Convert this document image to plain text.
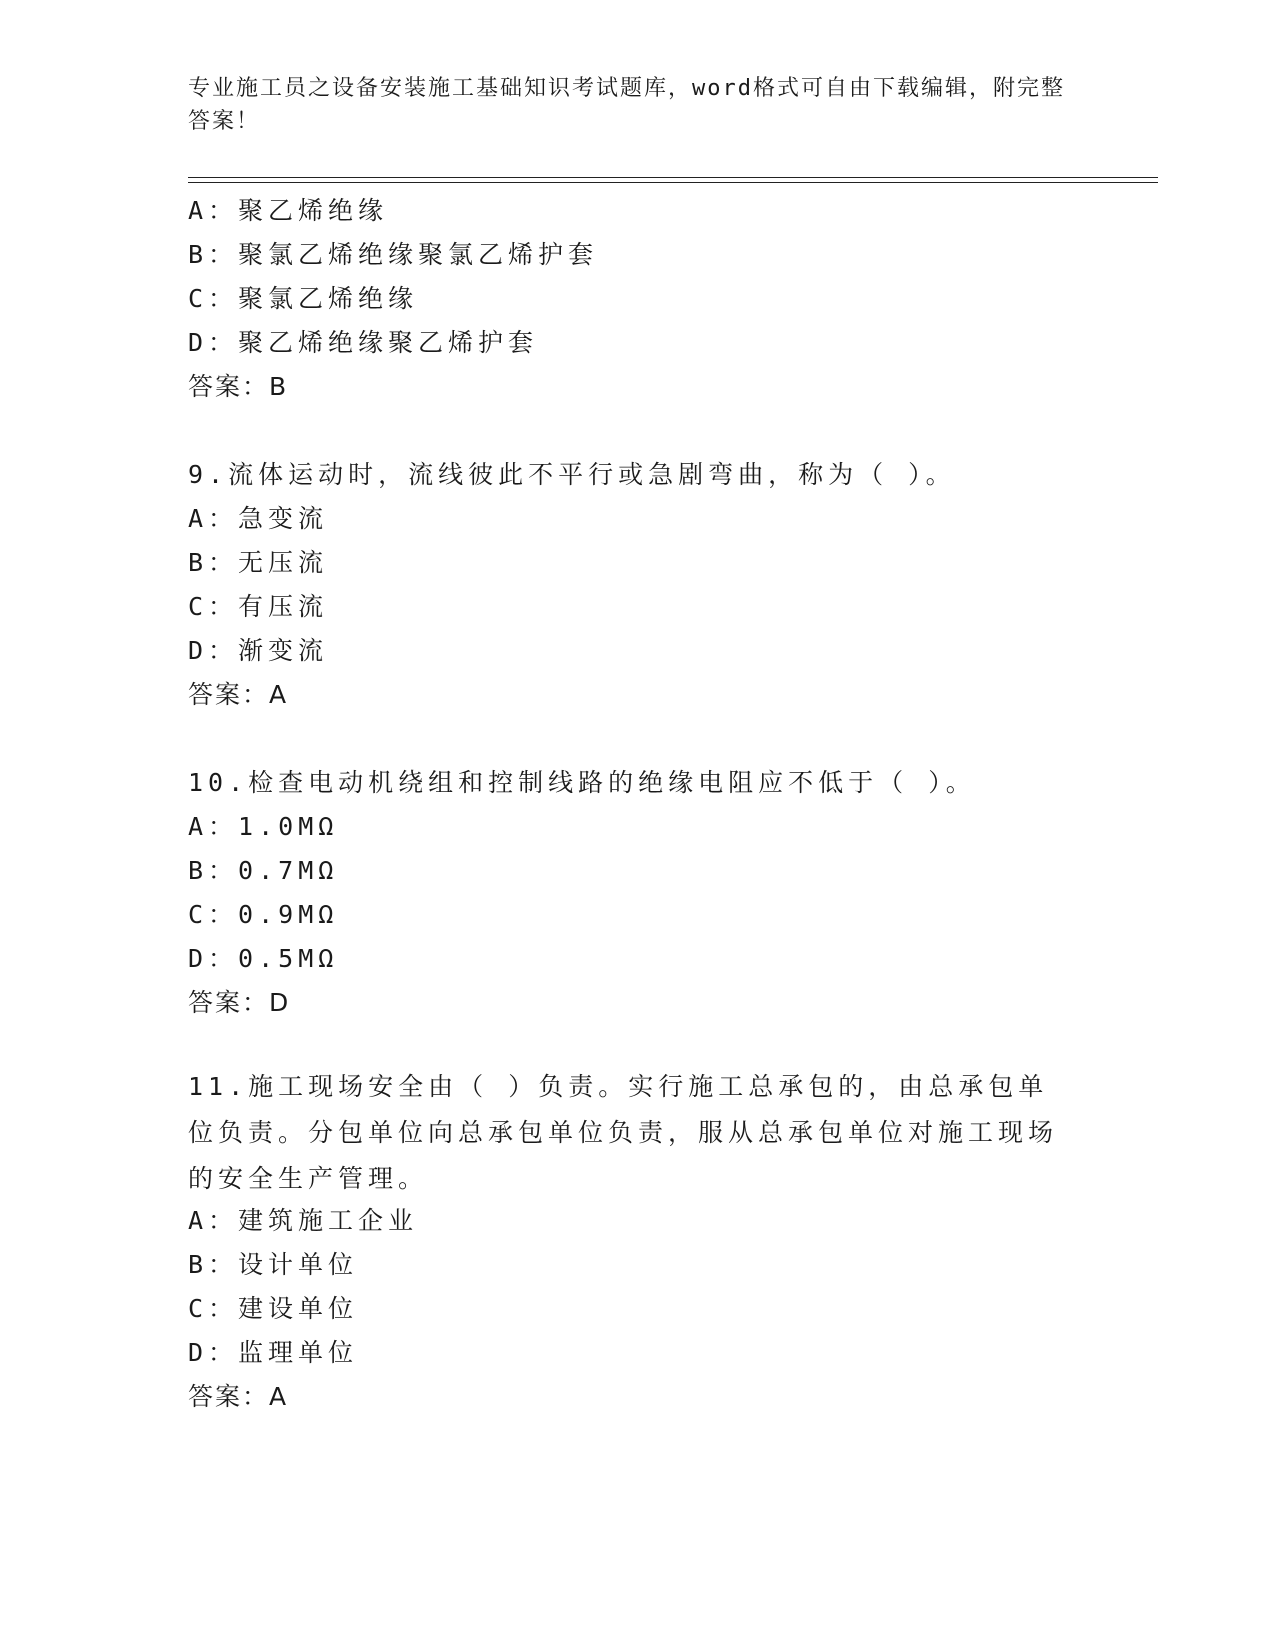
专业施工员之设备安装施工基础知识考试题库，word格式可自由下载编辑，附完整答案！
A：聚乙烯绝缘
B：聚氯乙烯绝缘聚氯乙烯护套
C：聚氯乙烯绝缘
D：聚乙烯绝缘聚乙烯护套
答案：B
9.流体运动时，流线彼此不平行或急剧弯曲，称为（ ）。
A：急变流
B：无压流
C：有压流
D：渐变流
答案：A
10.检查电动机绕组和控制线路的绝缘电阻应不低于（ ）。
A：1.0MΩ
B：0.7MΩ
C：0.9MΩ
D：0.5MΩ
答案：D
11.施工现场安全由（ ）负责。实行施工总承包的，由总承包单位负责。分包单位向总承包单位负责，服从总承包单位对施工现场的安全生产管理。
A：建筑施工企业
B：设计单位
C：建设单位
D：监理单位
答案：A
